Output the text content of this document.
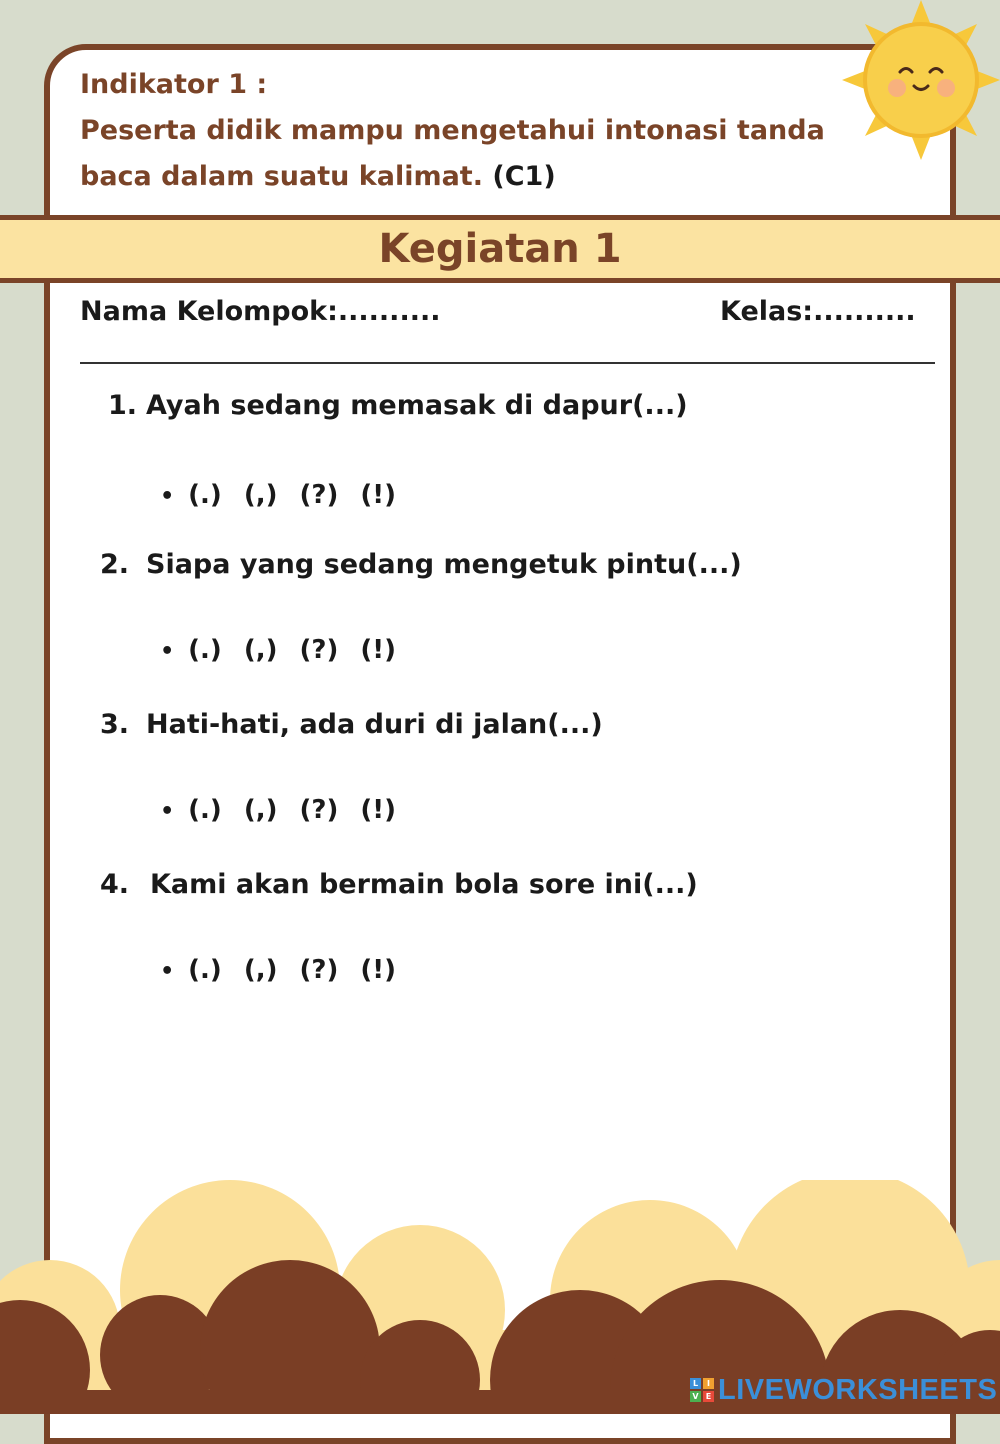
Indikator 1 :
Peserta didik mampu mengetahui intonasi tanda
baca dalam suatu kalimat. (C1)
Kegiatan 1
Nama Kelompok:..........	Kelas:..........
1. Ayah sedang memasak di dapur(...)

• (.) (,) (?) (!)

2. Siapa yang sedang mengetuk pintu(...)

• (.) (,) (?) (!)

3. Hati-hati, ada duri di jalan(...)

• (.) (,) (?) (!)

4. Kami akan bermain bola sore ini(...)

• (.) (,) (?) (!)

L	I
V E LIVEWORKSHEETS
